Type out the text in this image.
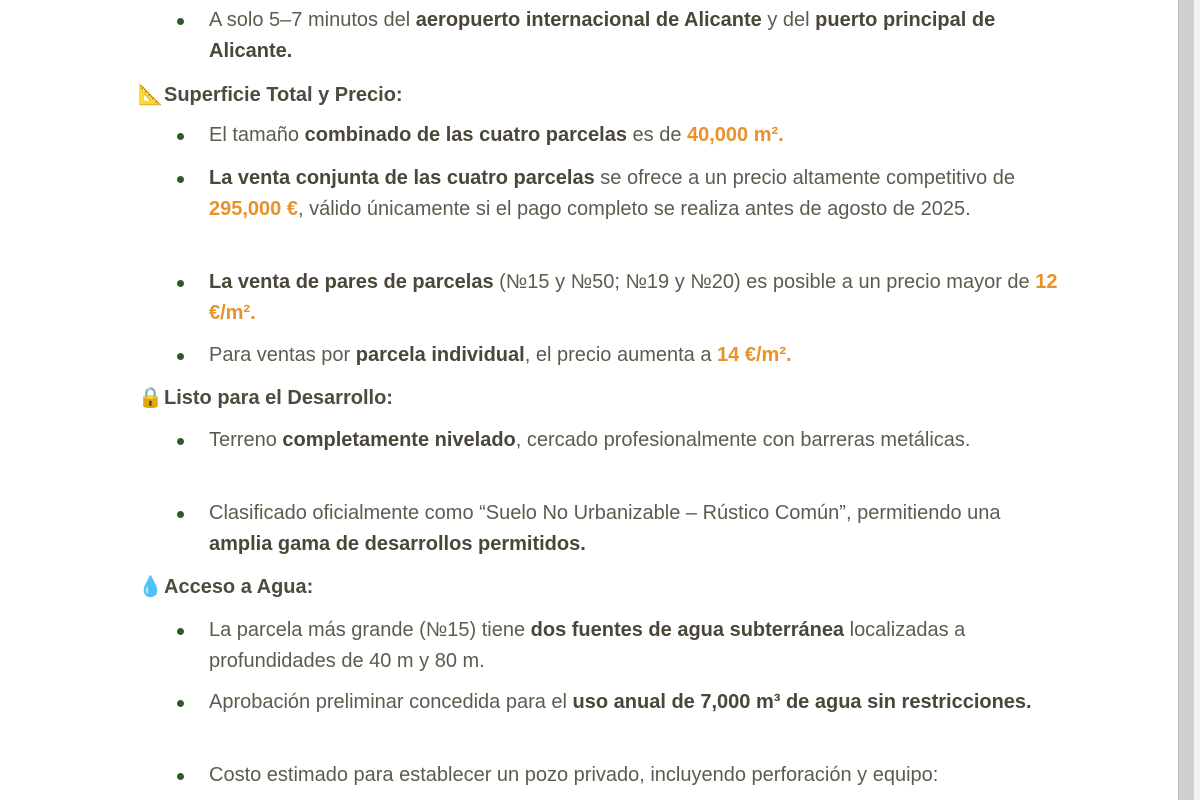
A solo 5–7 minutos del aeropuerto internacional de Alicante y del puerto principal de Alicante.
📐Superficie Total y Precio:
El tamaño combinado de las cuatro parcelas es de 40,000 m².
La venta conjunta de las cuatro parcelas se ofrece a un precio altamente competitivo de 295,000 €, válido únicamente si el pago completo se realiza antes de agosto de 2025.
La venta de pares de parcelas (№15 y №50; №19 y №20) es posible a un precio mayor de 12 €/m².
Para ventas por parcela individual, el precio aumenta a 14 €/m².
🔒Listo para el Desarrollo:
Terreno completamente nivelado, cercado profesionalmente con barreras metálicas.
Clasificado oficialmente como “Suelo No Urbanizable – Rústico Común”, permitiendo una amplia gama de desarrollos permitidos.
💧Acceso a Agua:
La parcela más grande (№15) tiene dos fuentes de agua subterránea localizadas a profundidades de 40 m y 80 m.
Aprobación preliminar concedida para el uso anual de 7,000 m³ de agua sin restricciones.
Costo estimado para establecer un pozo privado, incluyendo perforación y equipo:
